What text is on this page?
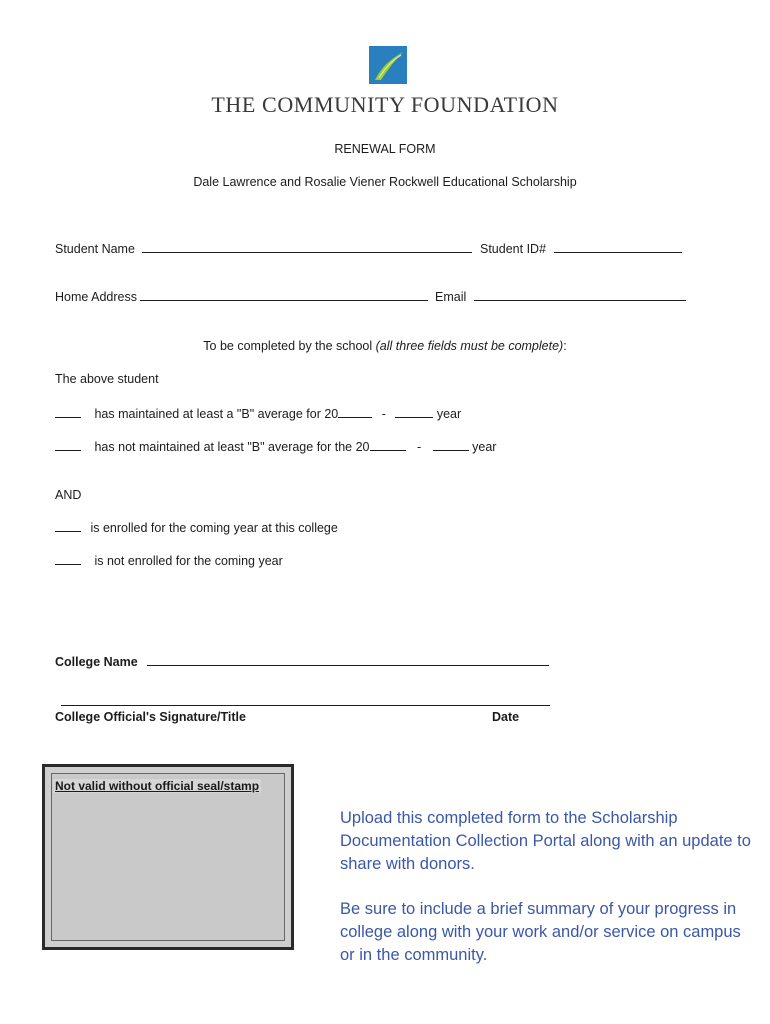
THE COMMUNITY FOUNDATION
RENEWAL FORM
Dale Lawrence and Rosalie Viener Rockwell Educational Scholarship
Student Name	Student ID#
Home Address	Email
To be completed by the school (all three fields must be complete):
The above student
has maintained at least a "B" average for 20	-	year
has not maintained at least "B" average for the 20	-	year
AND
is enrolled for the coming year at this college
is not enrolled for the coming year
College Name
College Official's Signature/Title	Date
Not valid without official seal/stamp

Upload this completed form to the Scholarship Documentation Collection Portal along with an update to share with donors.

Be sure to include a brief summary of your progress in college along with your work and/or service on campus or in the community.
